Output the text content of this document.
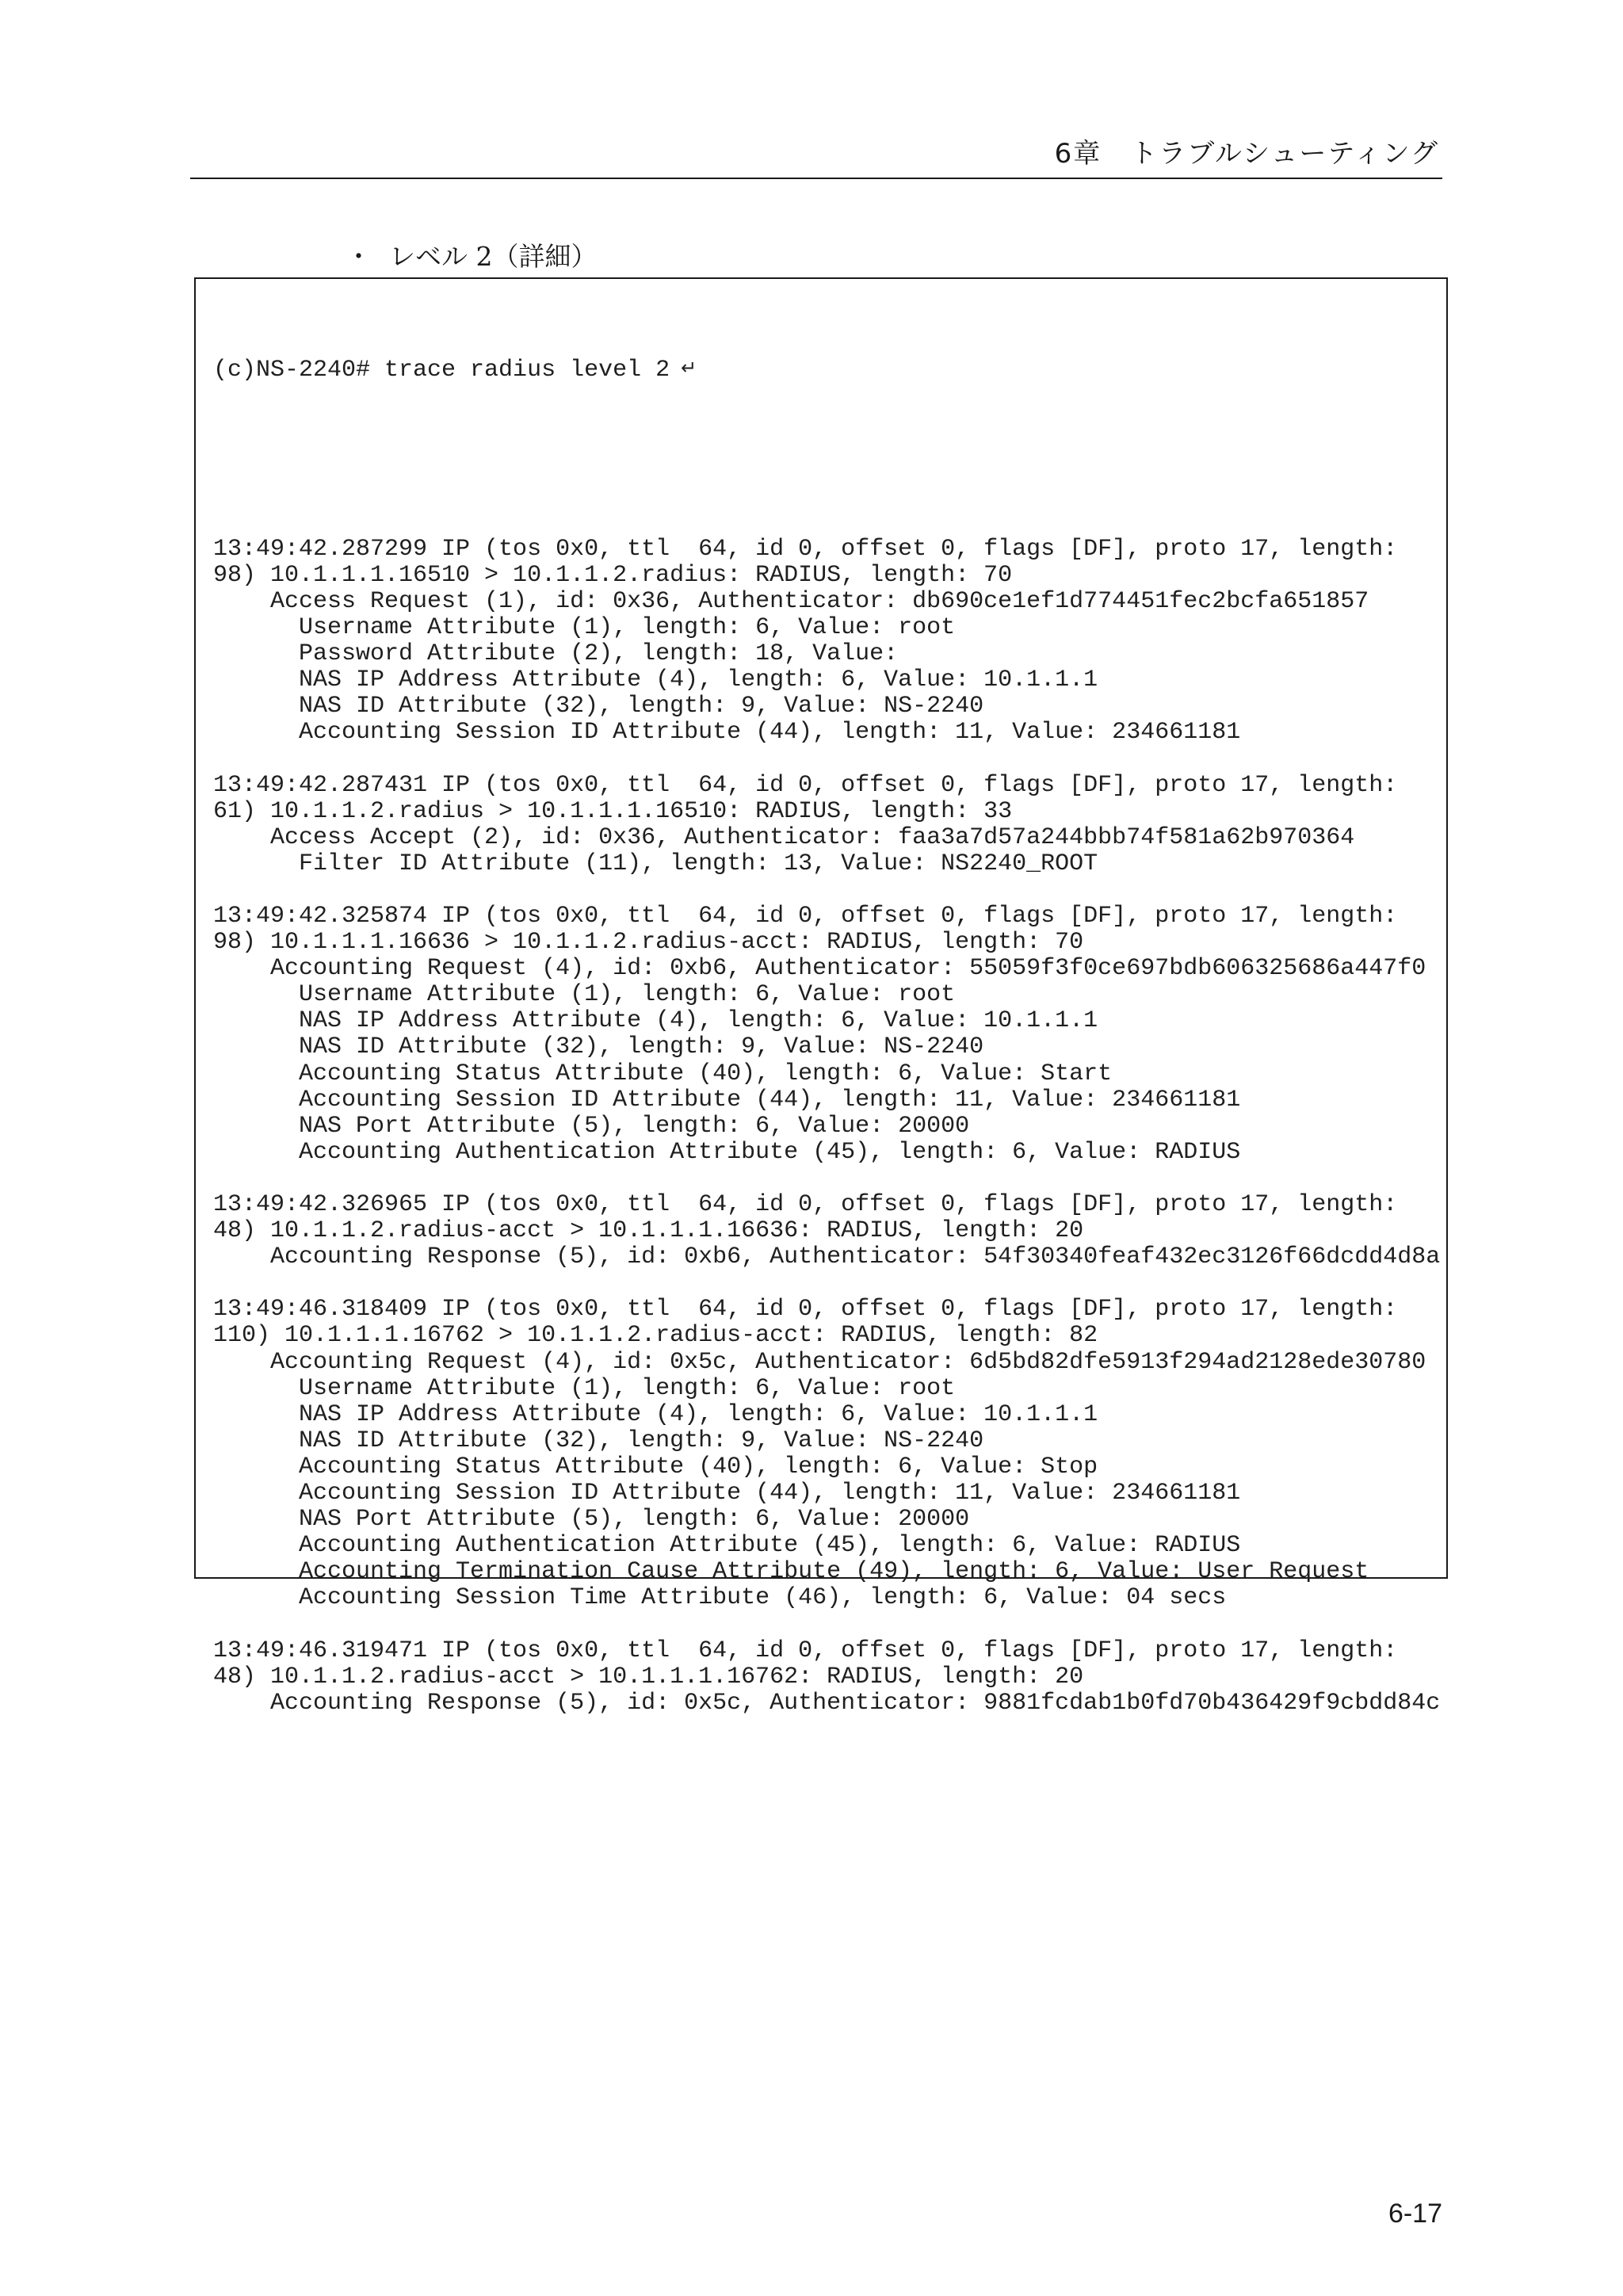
6章　トラブルシューティング
・ レベル 2（詳細）

(c)NS-2240# trace radius level 2 ↵

13:49:42.287299 IP (tos 0x0, ttl  64, id 0, offset 0, flags [DF], proto 17, length:
98) 10.1.1.1.16510 > 10.1.1.2.radius: RADIUS, length: 70
Access Request (1), id: 0x36, Authenticator: db690ce1ef1d774451fec2bcfa651857
Username Attribute (1), length: 6, Value: root
Password Attribute (2), length: 18, Value:
NAS IP Address Attribute (4), length: 6, Value: 10.1.1.1
NAS ID Attribute (32), length: 9, Value: NS-2240
Accounting Session ID Attribute (44), length: 11, Value: 234661181
13:49:42.287431 IP (tos 0x0, ttl  64, id 0, offset 0, flags [DF], proto 17, length:
61) 10.1.1.2.radius > 10.1.1.1.16510: RADIUS, length: 33
Access Accept (2), id: 0x36, Authenticator: faa3a7d57a244bbb74f581a62b970364
Filter ID Attribute (11), length: 13, Value: NS2240_ROOT
13:49:42.325874 IP (tos 0x0, ttl  64, id 0, offset 0, flags [DF], proto 17, length:
98) 10.1.1.1.16636 > 10.1.1.2.radius-acct: RADIUS, length: 70
Accounting Request (4), id: 0xb6, Authenticator: 55059f3f0ce697bdb606325686a447f0
Username Attribute (1), length: 6, Value: root
NAS IP Address Attribute (4), length: 6, Value: 10.1.1.1
NAS ID Attribute (32), length: 9, Value: NS-2240
Accounting Status Attribute (40), length: 6, Value: Start
Accounting Session ID Attribute (44), length: 11, Value: 234661181
NAS Port Attribute (5), length: 6, Value: 20000
Accounting Authentication Attribute (45), length: 6, Value: RADIUS
13:49:42.326965 IP (tos 0x0, ttl  64, id 0, offset 0, flags [DF], proto 17, length:
48) 10.1.1.2.radius-acct > 10.1.1.1.16636: RADIUS, length: 20
Accounting Response (5), id: 0xb6, Authenticator: 54f30340feaf432ec3126f66dcdd4d8a
13:49:46.318409 IP (tos 0x0, ttl  64, id 0, offset 0, flags [DF], proto 17, length:
110) 10.1.1.1.16762 > 10.1.1.2.radius-acct: RADIUS, length: 82
Accounting Request (4), id: 0x5c, Authenticator: 6d5bd82dfe5913f294ad2128ede30780
Username Attribute (1), length: 6, Value: root
NAS IP Address Attribute (4), length: 6, Value: 10.1.1.1
NAS ID Attribute (32), length: 9, Value: NS-2240
Accounting Status Attribute (40), length: 6, Value: Stop
Accounting Session ID Attribute (44), length: 11, Value: 234661181
NAS Port Attribute (5), length: 6, Value: 20000
Accounting Authentication Attribute (45), length: 6, Value: RADIUS
Accounting Termination Cause Attribute (49), length: 6, Value: User Request
Accounting Session Time Attribute (46), length: 6, Value: 04 secs
13:49:46.319471 IP (tos 0x0, ttl  64, id 0, offset 0, flags [DF], proto 17, length:
48) 10.1.1.2.radius-acct > 10.1.1.1.16762: RADIUS, length: 20
Accounting Response (5), id: 0x5c, Authenticator: 9881fcdab1b0fd70b436429f9cbdd84c

6-17
